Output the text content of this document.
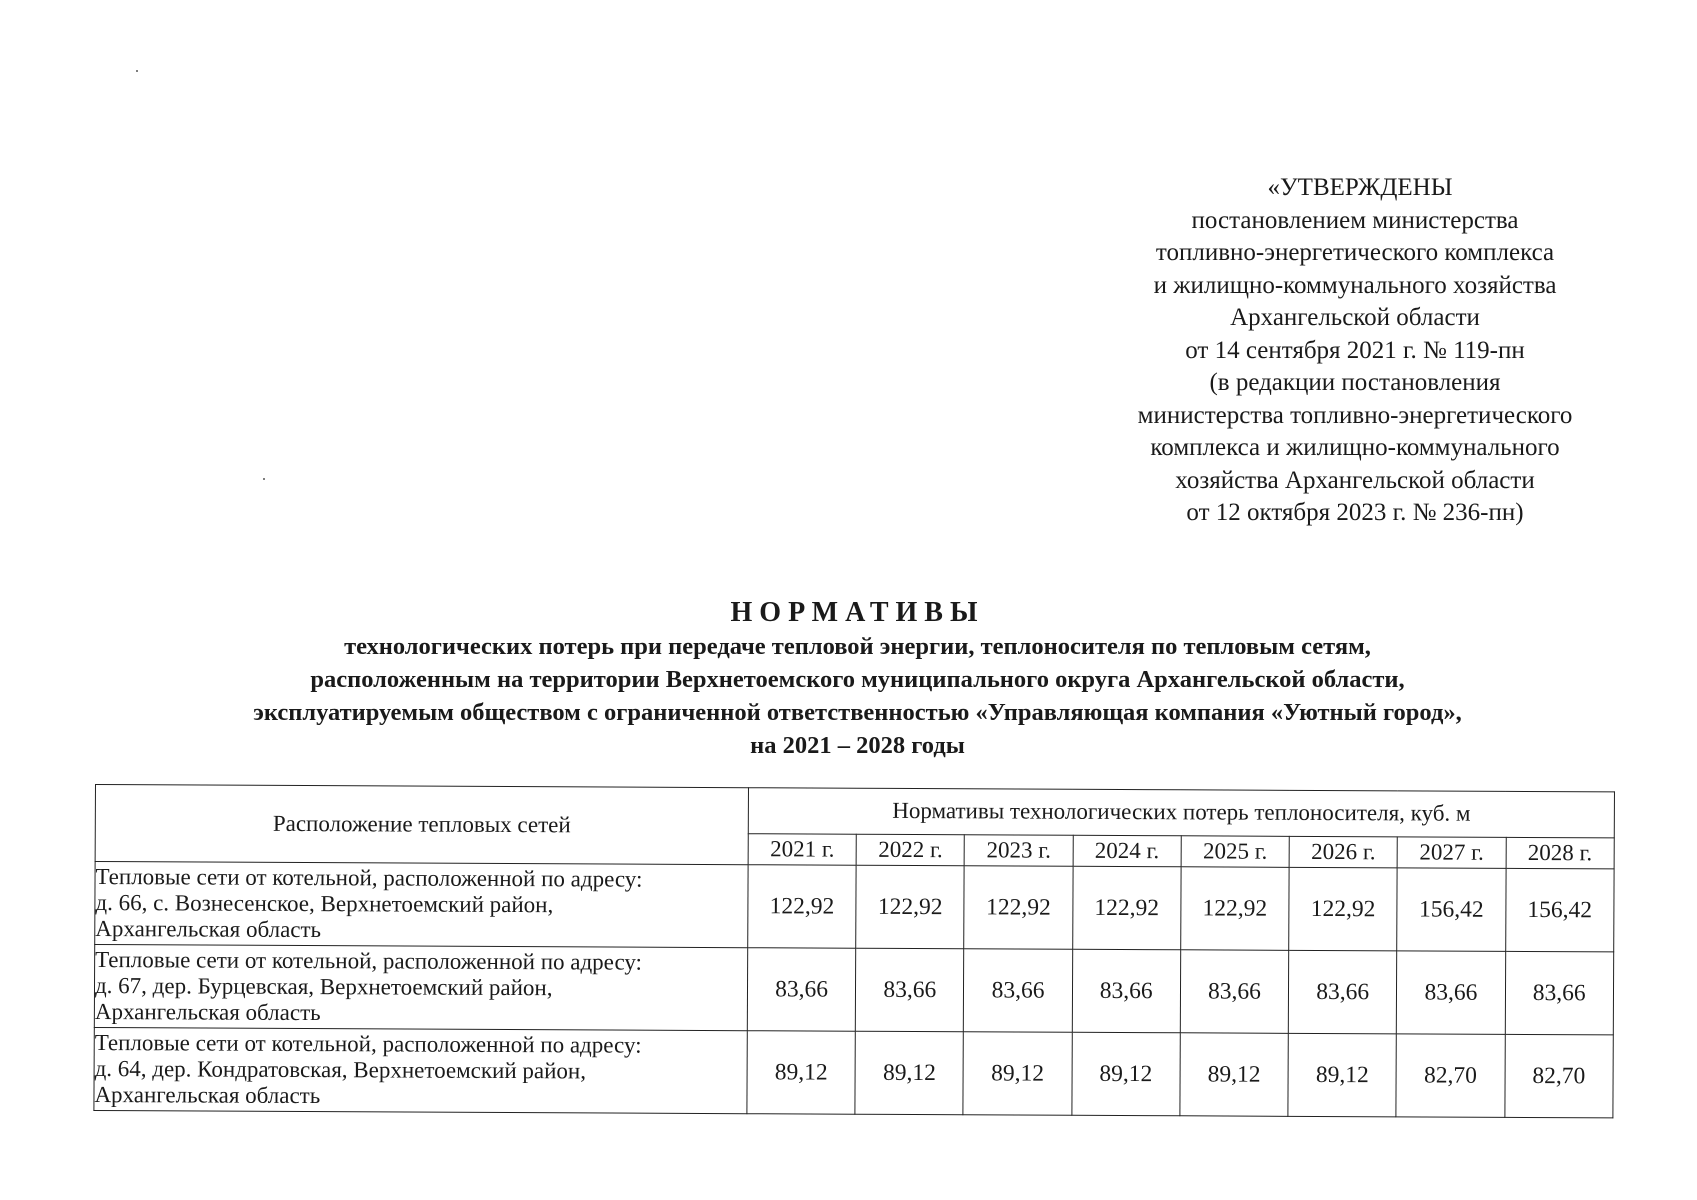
«УТВЕРЖДЕНЫ
постановлением министерства
топливно-энергетического комплекса
и жилищно-коммунального хозяйства
Архангельской области
от 14 сентября 2021 г. № 119-пн
(в редакции постановления
министерства топливно-энергетического
комплекса и жилищно-коммунального
хозяйства Архангельской области
от 12 октября 2023 г. № 236-пн)
НОРМАТИВЫ
технологических потерь при передаче тепловой энергии, теплоносителя по тепловым сетям,
расположенным на территории Верхнетоемского муниципального округа Архангельской области,
эксплуатируемым обществом с ограниченной ответственностью «Управляющая компания «Уютный город»,
на 2021 – 2028 годы
Расположение тепловых сетей	Нормативы технологических потерь теплоносителя, куб. м							
	2021 г.	2022 г.	2023 г.	2024 г.	2025 г.	2026 г.	2027 г.	2028 г.

Тепловые сети от котельной, расположенной по адресу:
д. 66, с. Вознесенское, Верхнетоемский район,
Архангельская область	122,92	122,92	122,92	122,92	122,92	122,92	156,42	156,42

Тепловые сети от котельной, расположенной по адресу:
д. 67, дер. Бурцевская, Верхнетоемский район,
Архангельская область	83,66	83,66	83,66	83,66	83,66	83,66	83,66	83,66

Тепловые сети от котельной, расположенной по адресу:
д. 64, дер. Кондратовская, Верхнетоемский район,
Архангельская область	89,12	89,12	89,12	89,12	89,12	89,12	82,70	82,70
